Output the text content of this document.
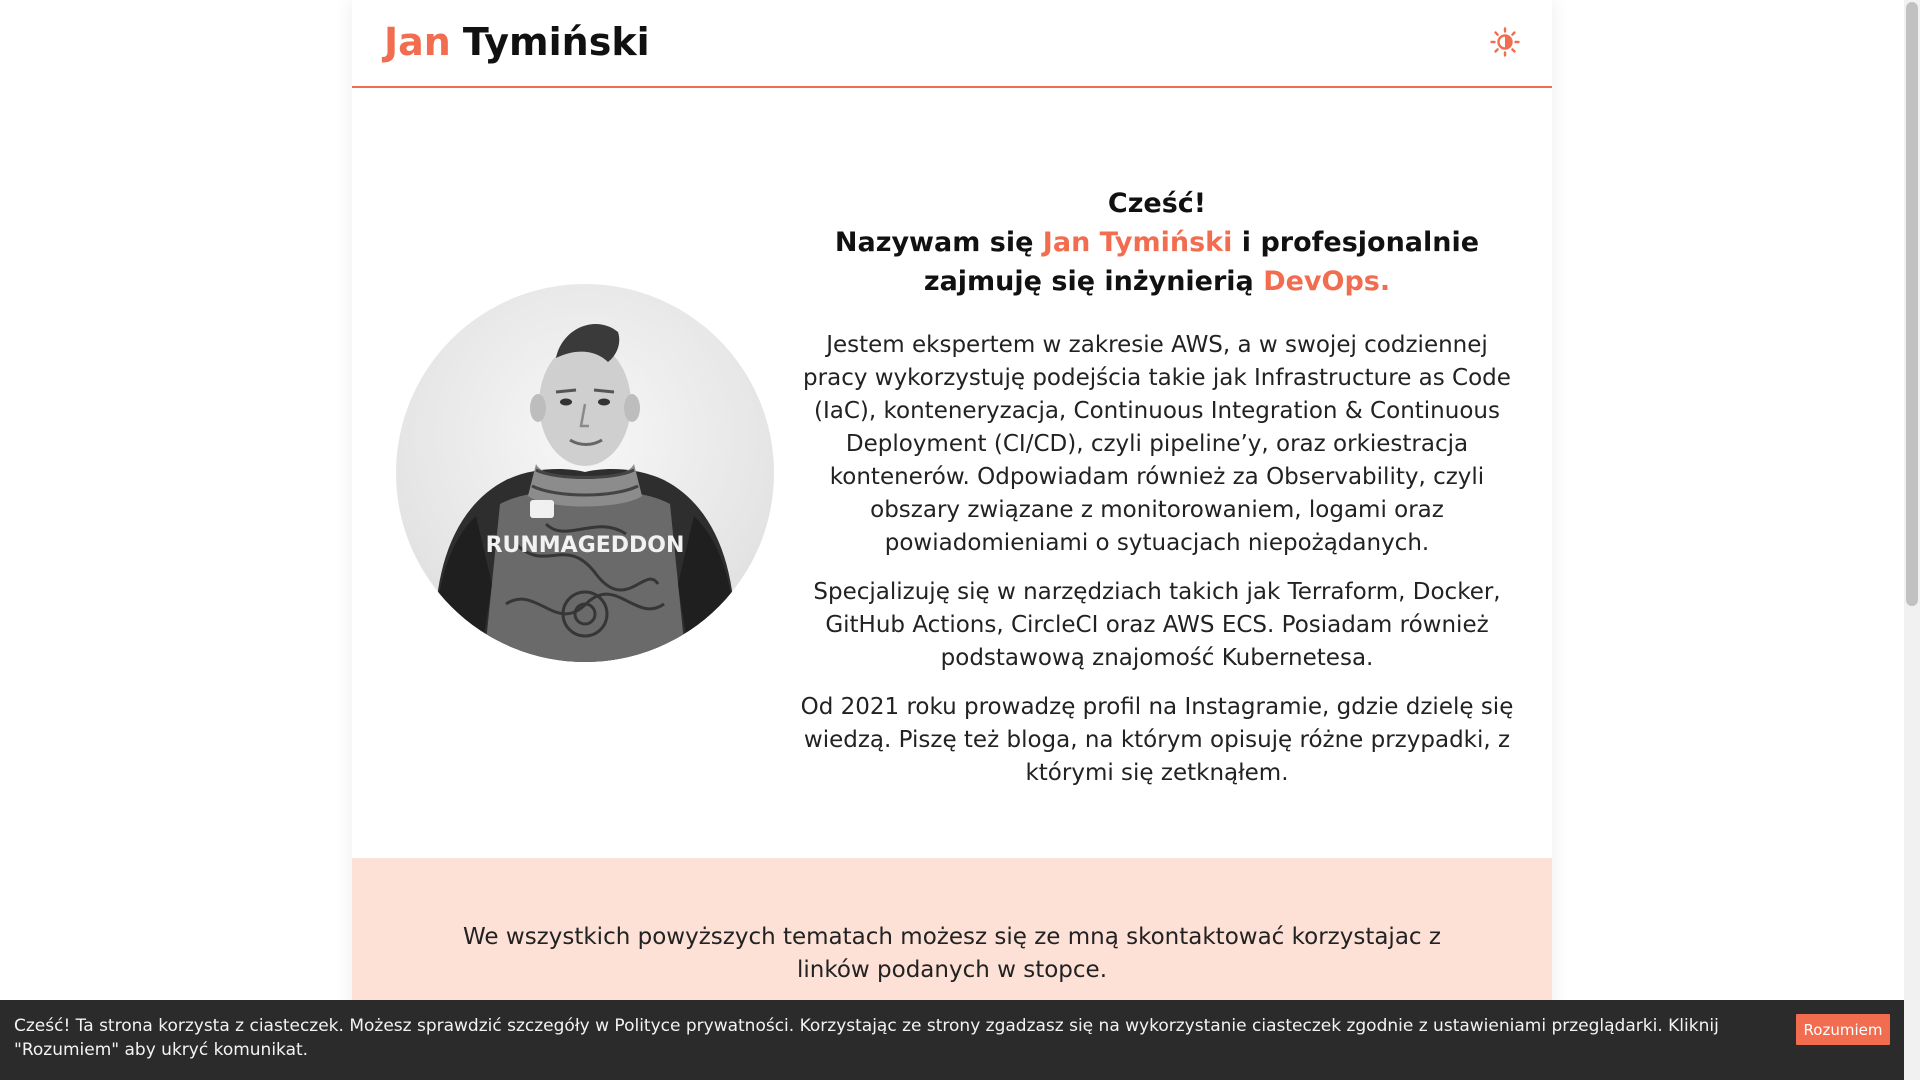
Jan Tymiński
RUNMAGEDDON

Cześć!
Nazywam się Jan Tymiński i profesjonalnie
zajmuję się inżynierią DevOps.

Jestem ekspertem w zakresie AWS, a w swojej codziennej pracy wykorzystuję podejścia takie jak Infrastructure as Code (IaC), konteneryzacja, Continuous Integration & Continuous Deployment (CI/CD), czyli pipeline’y, oraz orkiestracja kontenerów. Odpowiadam również za Observability, czyli obszary związane z monitorowaniem, logami oraz powiadomieniami o sytuacjach niepożądanych.

Specjalizuję się w narzędziach takich jak Terraform, Docker, GitHub Actions, CircleCI oraz AWS ECS. Posiadam również podstawową znajomość Kubernetesa.

Od 2021 roku prowadzę profil na Instagramie, gdzie dzielę się wiedzą. Piszę też bloga, na którym opisuję różne przypadki, z którymi się zetknąłem.

We wszystkich powyższych tematach możesz się ze mną skontaktować korzystajac z linków podanych w stopce.

Cześć! Ta strona korzysta z ciasteczek. Możesz sprawdzić szczegóły w Polityce prywatności. Korzystając ze strony zgadzasz się na wykorzystanie ciasteczek zgodnie z ustawieniami przeglądarki. Kliknij "Rozumiem" aby ukryć komunikat.

Rozumiem
